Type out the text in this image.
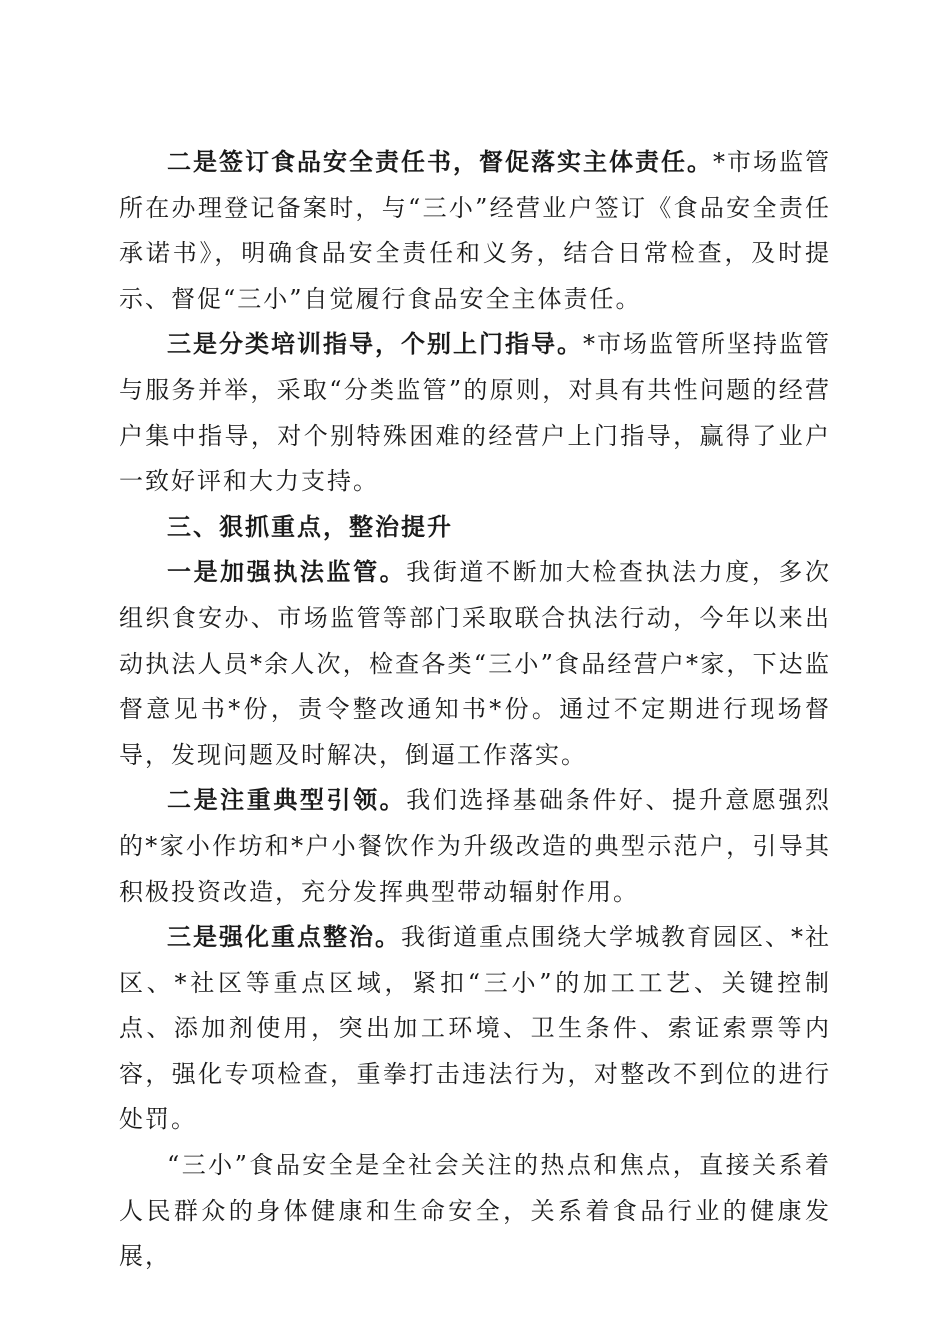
二是签订食品安全责任书，督促落实主体责任。*市场监管所在办理登记备案时，与“三小”经营业户签订《食品安全责任承诺书》，明确食品安全责任和义务，结合日常检查，及时提示、督促“三小”自觉履行食品安全主体责任。

三是分类培训指导，个别上门指导。*市场监管所坚持监管与服务并举，采取“分类监管”的原则，对具有共性问题的经营户集中指导，对个别特殊困难的经营户上门指导，赢得了业户一致好评和大力支持。

三、狠抓重点，整治提升

一是加强执法监管。我街道不断加大检查执法力度，多次组织食安办、市场监管等部门采取联合执法行动，今年以来出动执法人员*余人次，检查各类“三小”食品经营户*家，下达监督意见书*份，责令整改通知书*份。通过不定期进行现场督导，发现问题及时解决，倒逼工作落实。

二是注重典型引领。我们选择基础条件好、提升意愿强烈的*家小作坊和*户小餐饮作为升级改造的典型示范户，引导其积极投资改造，充分发挥典型带动辐射作用。

三是强化重点整治。我街道重点围绕大学城教育园区、*社区、*社区等重点区域，紧扣“三小”的加工工艺、关键控制点、添加剂使用，突出加工环境、卫生条件、索证索票等内容，强化专项检查，重拳打击违法行为，对整改不到位的进行处罚。

“三小”食品安全是全社会关注的热点和焦点，直接关系着人民群众的身体健康和生命安全，关系着食品行业的健康发展，
